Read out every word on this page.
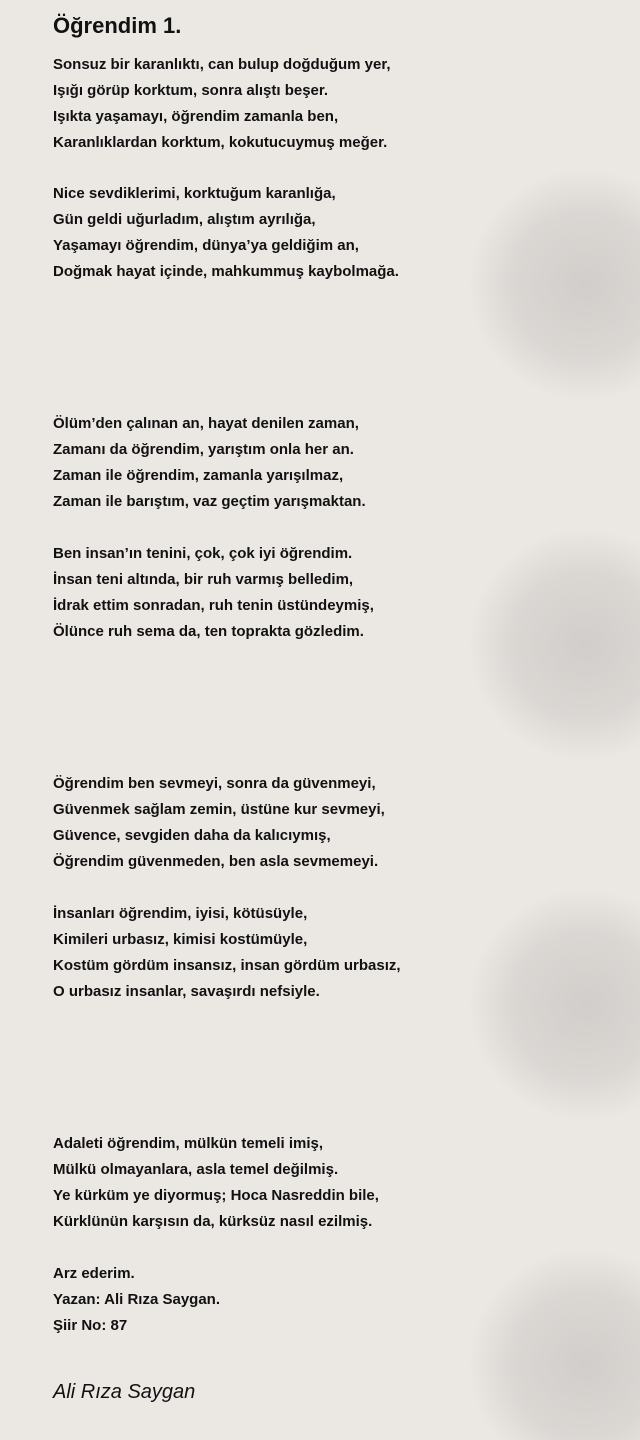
Öğrendim 1.
Sonsuz bir karanlıktı, can bulup doğduğum yer,
Işığı görüp korktum, sonra alıştı beşer.
Işıkta yaşamayı, öğrendim zamanla ben,
Karanlıklardan korktum, kokutucuymuş meğer.
Nice sevdiklerimi, korktuğum karanlığa,
Gün geldi uğurladım, alıştım ayrılığa,
Yaşamayı öğrendim, dünya’ya geldiğim an,
Doğmak hayat içinde, mahkummuş kaybolmağa.
Ölüm’den çalınan an, hayat denilen zaman,
Zamanı da öğrendim, yarıştım onla her an.
Zaman ile öğrendim, zamanla yarışılmaz,
Zaman ile barıştım, vaz geçtim yarışmaktan.
Ben insan’ın tenini, çok, çok iyi öğrendim.
İnsan teni altında, bir ruh varmış belledim,
İdrak ettim sonradan, ruh tenin üstündeymiş,
Ölünce ruh sema da, ten toprakta gözledim.
Öğrendim ben sevmeyi, sonra da güvenmeyi,
Güvenmek sağlam zemin, üstüne kur sevmeyi,
Güvence, sevgiden daha da kalıcıymış,
Öğrendim güvenmeden, ben asla sevmemeyi.
İnsanları öğrendim, iyisi, kötüsüyle,
Kimileri urbasız, kimisi kostümüyle,
Kostüm gördüm insansız, insan gördüm urbasız,
O urbasız insanlar, savaşırdı nefsiyle.
Adaleti öğrendim, mülkün temeli imiş,
Mülkü olmayanlara, asla temel değilmiş.
Ye kürküm ye diyormuş; Hoca Nasreddin bile,
Kürklünün karşısın da, kürksüz nasıl ezilmiş.
Arz ederim.
Yazan: Ali Rıza Saygan.
Şiir No: 87
Ali Rıza Saygan
